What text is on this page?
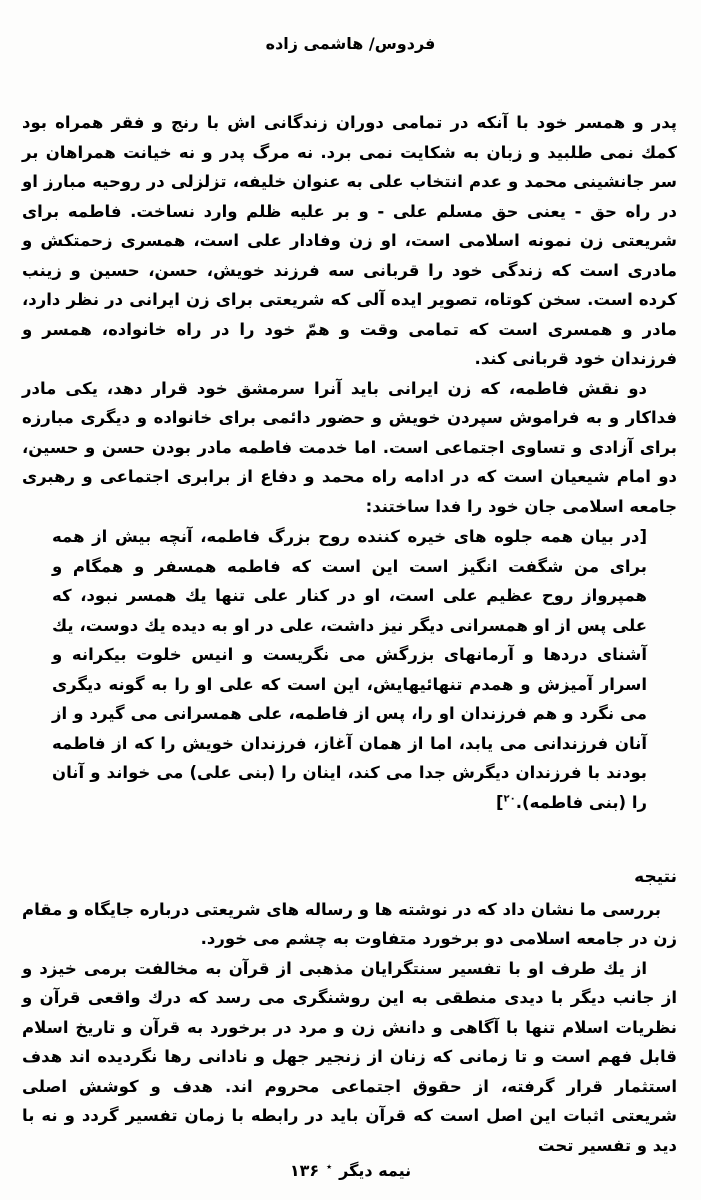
فردوس/ هاشمی زاده

پدر و همسر خود با آنکه در تمامی دوران زندگانی اش با رنج و فقر همراه بود کمك نمی طلبید و زبان به شکایت نمی برد. نه مرگ پدر و نه خیانت همراهان بر سر جانشینی محمد و عدم انتخاب علی به عنوان خلیفه، تزلزلی در روحیه مبارز او در راه حق - یعنی حق مسلم علی - و بر علیه ظلم وارد نساخت. فاطمه برای شریعتی زن نمونه اسلامی است، او زن وفادار علی است، همسری زحمتکش و مادری است که زندگی خود را قربانی سه فرزند خویش، حسن، حسین و زینب کرده است. سخن کوتاه، تصویر ایده آلی که شریعتی برای زن ایرانی در نظر دارد، مادر و همسری است که تمامی وقت و همّ خود را در راه خانواده، همسر و فرزندان خود قربانی کند.

دو نقش فاطمه، که زن ایرانی باید آنرا سرمشق خود قرار دهد، یکی مادر فداکار و به فراموش سپردن خویش و حضور دائمی برای خانواده و دیگری مبارزه برای آزادی و تساوی اجتماعی است. اما خدمت فاطمه مادر بودن حسن و حسین، دو امام شیعیان است که در ادامه راه محمد و دفاع از برابری اجتماعی و رهبری جامعه اسلامی جان خود را فدا ساختند:

[در بیان همه جلوه های خیره کننده روح بزرگ فاطمه، آنچه بیش از همه برای من شگفت انگیز است این است که فاطمه همسفر و همگام و همپرواز روح عظیم علی است، او در کنار علی تنها یك همسر نبود، که علی پس از او همسرانی دیگر نیز داشت، علی در او به دیده یك دوست، یك آشنای دردها و آرمانهای بزرگش می نگریست و انیس خلوت بیکرانه و اسرار آمیزش و همدم تنهائیهایش، این است که علی او را به گونه دیگری می نگرد و هم فرزندان او را، پس از فاطمه، علی همسرانی می گیرد و از آنان فرزندانی می یابد، اما از همان آغاز، فرزندان خویش را که از فاطمه بودند با فرزندان دیگرش جدا می کند، اینان را (بنی علی) می خواند و آنان را (بنی فاطمه).$^{۲۰}$]
نتیجه

بررسی ما نشان داد که در نوشته ها و رساله های شریعتی درباره جایگاه و مقام زن در جامعه اسلامی دو برخورد متفاوت به چشم می خورد.

از یك طرف او با تفسیر سنتگرایان مذهبی از قرآن به مخالفت برمی خیزد و از جانب دیگر با دیدی منطقی به این روشنگری می رسد که درك واقعی قرآن و نظریات اسلام تنها با آگاهی و دانش زن و مرد در برخورد به قرآن و تاریخ اسلام قابل فهم است و تا زمانی که زنان از زنجیر جهل و نادانی رها نگردیده اند هدف استثمار قرار گرفته، از حقوق اجتماعی محروم اند. هدف و کوشش اصلی شریعتی اثبات این اصل است که قرآن باید در رابطه با زمان تفسیر گردد و نه با دید و تفسیر تحت

نیمه دیگر٭۱۳۶
